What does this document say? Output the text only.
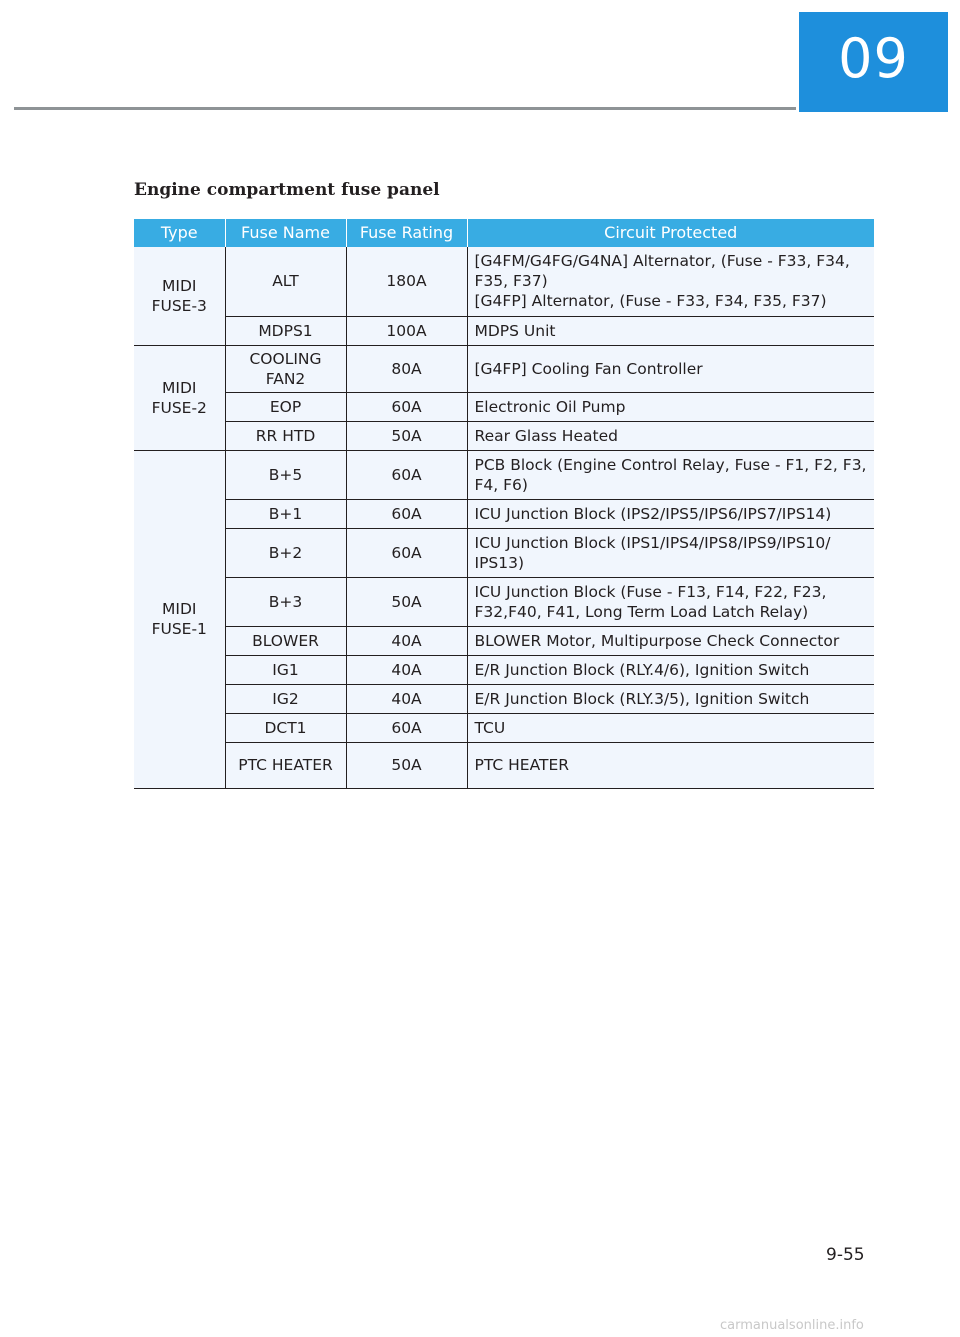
09
Engine compartment fuse panel
Type	Fuse Name	Fuse Rating	Circuit Protected
MIDI FUSE-3	ALT	180A	[G4FM/G4FG/G4NA] Alternator, (Fuse - F33, F34, F35, F37)
[G4FP] Alternator, (Fuse - F33, F34, F35, F37)
	MDPS1	100A	MDPS Unit
MIDI FUSE-2	COOLING FAN2	80A	[G4FP] Cooling Fan Controller
	EOP	60A	Electronic Oil Pump
	RR HTD	50A	Rear Glass Heated
MIDI FUSE-1	B+5	60A	PCB Block (Engine Control Relay, Fuse - F1, F2, F3, F4, F6)
	B+1	60A	ICU Junction Block (IPS2/IPS5/IPS6/IPS7/IPS14)
	B+2	60A	ICU Junction Block (IPS1/IPS4/IPS8/IPS9/IPS10/ IPS13)
	B+3	50A	ICU Junction Block (Fuse - F13, F14, F22, F23, F32,F40, F41, Long Term Load Latch Relay)
	BLOWER	40A	BLOWER Motor, Multipurpose Check Connector
	IG1	40A	E/R Junction Block (RLY.4/6), Ignition Switch
	IG2	40A	E/R Junction Block (RLY.3/5), Ignition Switch
	DCT1	60A	TCU
	PTC HEATER	50A	PTC HEATER
9-55
carmanualsonline.info
